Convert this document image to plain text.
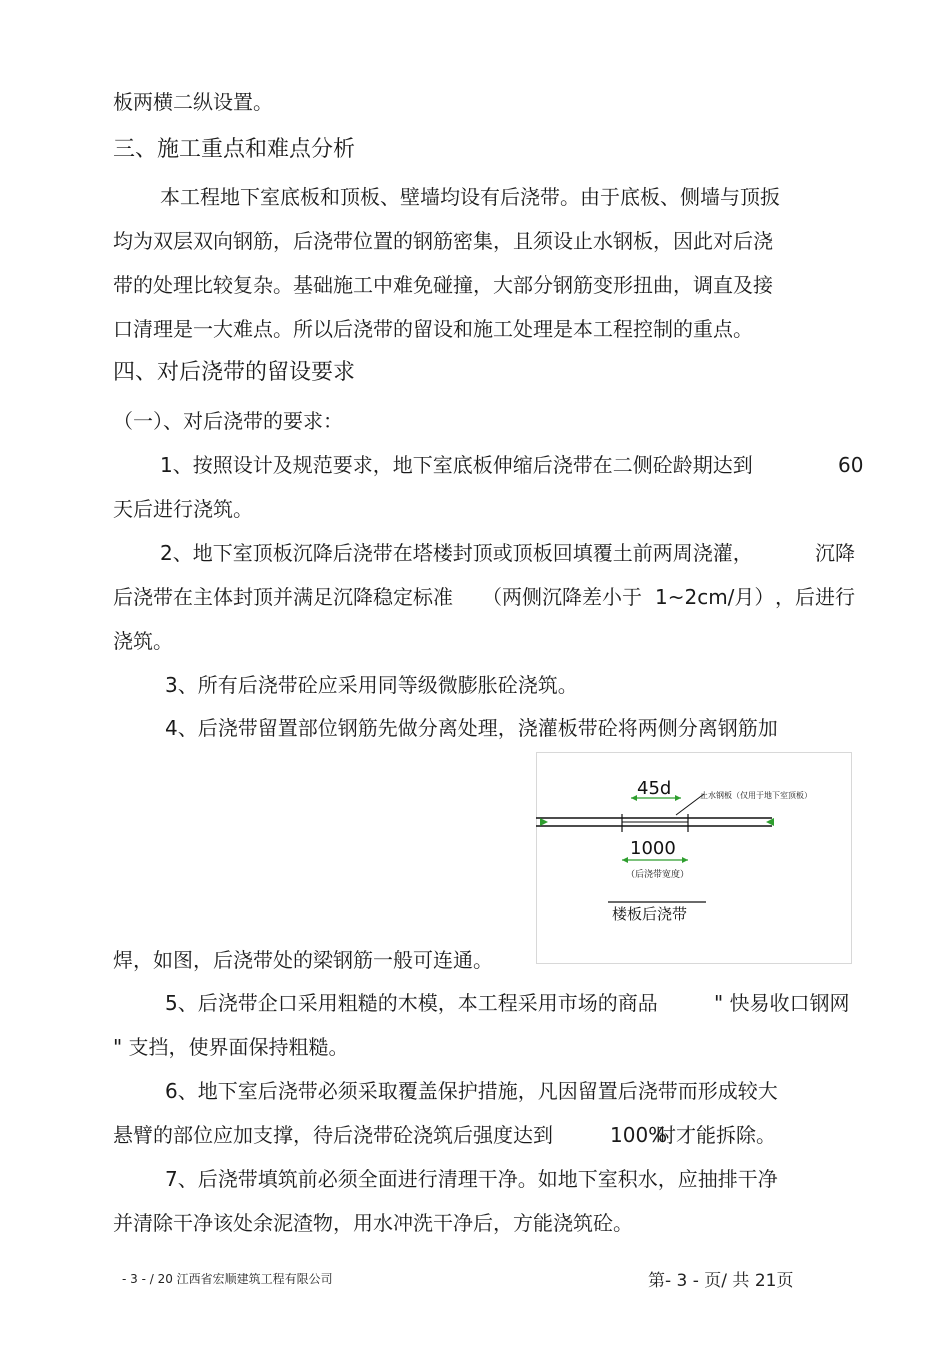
板两横二纵设置。
三、施工重点和难点分析
本工程地下室底板和顶板、壁墙均设有后浇带。由于底板、侧墙与顶扳
均为双层双向钢筋，后浇带位置的钢筋密集，且须设止水钢板，因此对后浇
带的处理比较复杂。基础施工中难免碰撞，大部分钢筋变形扭曲，调直及接
口清理是一大难点。所以后浇带的留设和施工处理是本工程控制的重点。
四、对后浇带的留设要求
（一）、对后浇带的要求：
1、按照设计及规范要求，地下室底板伸缩后浇带在二侧砼龄期达到	60
天后进行浇筑。
2、地下室顶板沉降后浇带在塔楼封顶或顶板回填覆土前两周浇灌，	沉降
后浇带在主体封顶并满足沉降稳定标准 （两侧沉降差小于 1~2cm/月） ，后进行
浇筑。
3、所有后浇带砼应采用同等级微膨胀砼浇筑。
4、后浇带留置部位钢筋先做分离处理，浇灌板带砼将两侧分离钢筋加
45d	止水钢板（仅用于地下室顶板）
1000
（后浇带宽度）
楼板后浇带
焊，如图，后浇带处的梁钢筋一般可连通。
5、后浇带企口采用粗糙的木模，本工程采用市场的商品	" 快易收口钢网
" 支挡，使界面保持粗糙。
6、地下室后浇带必须采取覆盖保护措施，凡因留置后浇带而形成较大
悬臂的部位应加支撑，待后浇带砼浇筑后强度达到	100%
时才能拆除。
7、后浇带填筑前必须全面进行清理干净。如地下室积水，应抽排干净
并清除干净该处余泥渣物，用水冲洗干净后，方能浇筑砼。
- 3 - / 20 江西省宏顺建筑工程有限公司	第- 3 - 页/ 共 21页
